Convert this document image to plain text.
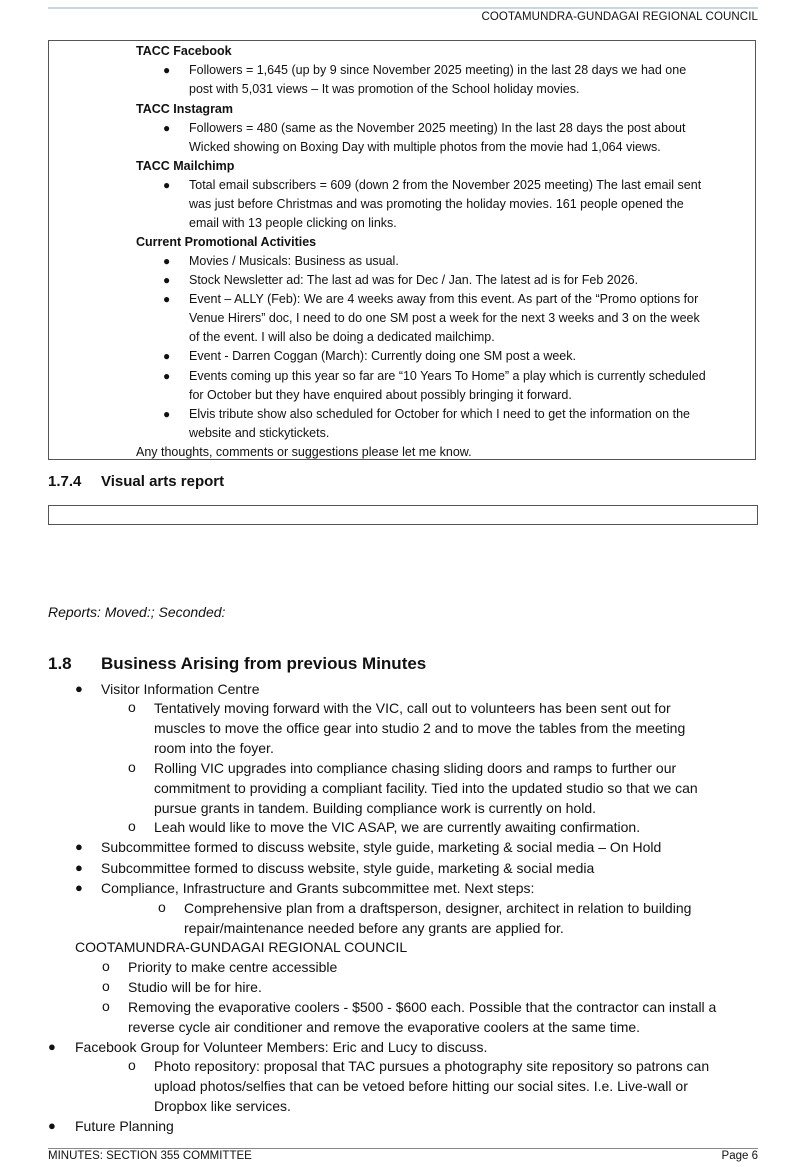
COOTAMUNDRA-GUNDAGAI REGIONAL COUNCIL
TACC Facebook
● Followers = 1,645 (up by 9 since November 2025 meeting) in the last 28 days we had one
post with 5,031 views – It was promotion of the School holiday movies.
TACC Instagram
● Followers = 480 (same as the November 2025 meeting) In the last 28 days the post about
Wicked showing on Boxing Day with multiple photos from the movie had 1,064 views.
TACC Mailchimp
● Total email subscribers = 609 (down 2 from the November 2025 meeting) The last email sent
was just before Christmas and was promoting the holiday movies. 161 people opened the
email with 13 people clicking on links.
Current Promotional Activities
● Movies / Musicals: Business as usual.
● Stock Newsletter ad: The last ad was for Dec / Jan. The latest ad is for Feb 2026.
● Event – ALLY (Feb): We are 4 weeks away from this event. As part of the “Promo options for
Venue Hirers” doc, I need to do one SM post a week for the next 3 weeks and 3 on the week
of the event. I will also be doing a dedicated mailchimp.
● Event - Darren Coggan (March): Currently doing one SM post a week.
● Events coming up this year so far are “10 Years To Home” a play which is currently scheduled
for October but they have enquired about possibly bringing it forward.
● Elvis tribute show also scheduled for October for which I need to get the information on the
website and stickytickets.
Any thoughts, comments or suggestions please let me know.
1.7.4 Visual arts report
Reports: Moved:; Seconded:
1.8 Business Arising from previous Minutes
● Visitor Information Centre
o Tentatively moving forward with the VIC, call out to volunteers has been sent out for
muscles to move the office gear into studio 2 and to move the tables from the meeting
room into the foyer.
o Rolling VIC upgrades into compliance chasing sliding doors and ramps to further our
commitment to providing a compliant facility. Tied into the updated studio so that we can
pursue grants in tandem. Building compliance work is currently on hold.
o Leah would like to move the VIC ASAP, we are currently awaiting confirmation.
● Subcommittee formed to discuss website, style guide, marketing & social media – On Hold
● Subcommittee formed to discuss website, style guide, marketing & social media
● Compliance, Infrastructure and Grants subcommittee met. Next steps:
o Comprehensive plan from a draftsperson, designer, architect in relation to building
repair/maintenance needed before any grants are applied for.
COOTAMUNDRA-GUNDAGAI REGIONAL COUNCIL
o Priority to make centre accessible
o Studio will be for hire.
o Removing the evaporative coolers - $500 - $600 each. Possible that the contractor can install a
reverse cycle air conditioner and remove the evaporative coolers at the same time.
● Facebook Group for Volunteer Members: Eric and Lucy to discuss.
o Photo repository: proposal that TAC pursues a photography site repository so patrons can
upload photos/selfies that can be vetoed before hitting our social sites. I.e. Live-wall or
Dropbox like services.
● Future Planning
MINUTES: SECTION 355 COMMITTEE	Page 6
